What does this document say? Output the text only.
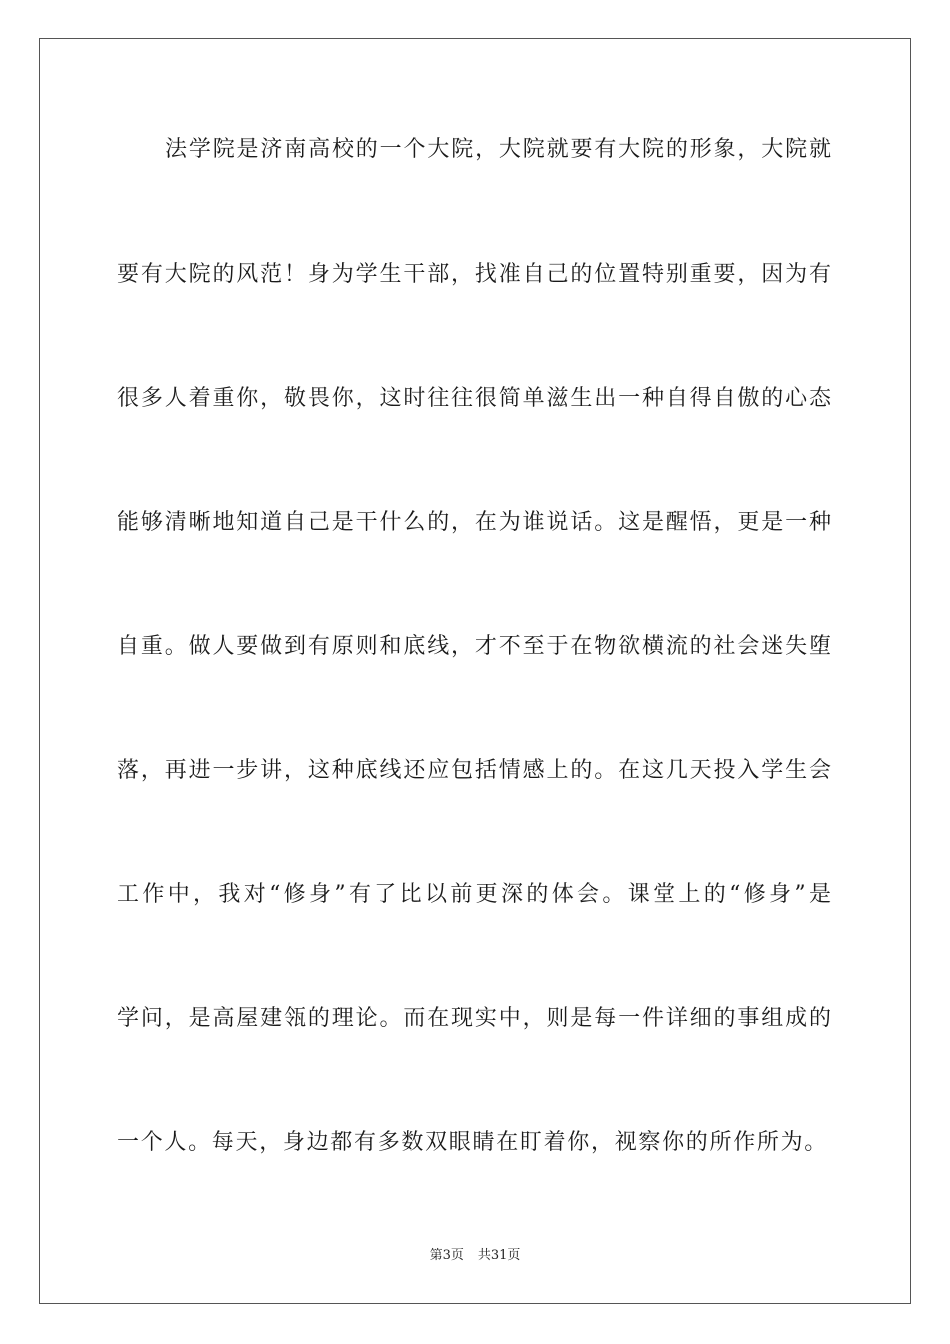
法学院是济南高校的一个大院，大院就要有大院的形象，大院就
要有大院的风范！身为学生干部，找准自己的位置特别重要，因为有
很多人着重你，敬畏你，这时往往很简单滋生出一种自得自傲的心态
能够清晰地知道自己是干什么的，在为谁说话。这是醒悟，更是一种
自重。做人要做到有原则和底线，才不至于在物欲横流的社会迷失堕
落，再进一步讲，这种底线还应包括情感上的。在这几天投入学生会
工作中，我对“修身”有了比以前更深的体会。课堂上的“修身”是
学问，是高屋建瓴的理论。而在现实中，则是每一件详细的事组成的
一个人。每天，身边都有多数双眼睛在盯着你，视察你的所作所为。
第3页 共31页
